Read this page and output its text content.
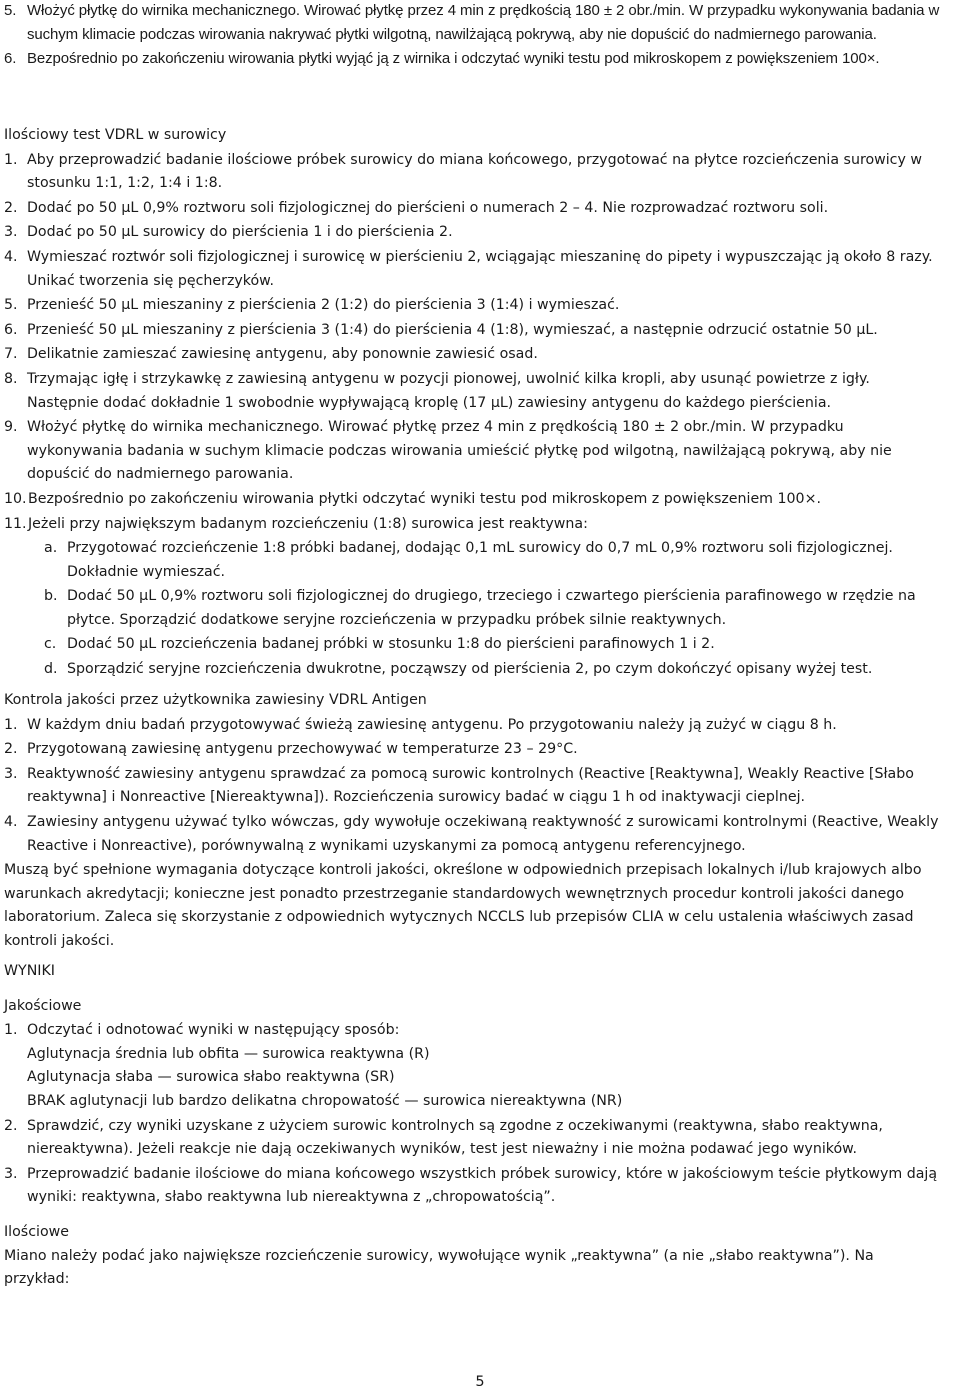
5. Włożyć płytkę do wirnika mechanicznego. Wirować płytkę przez 4 min z prędkością 180 ± 2 obr./min. W przypadku wykonywania badania w suchym klimacie podczas wirowania nakrywać płytki wilgotną, nawilżającą pokrywą, aby nie dopuścić do nadmiernego parowania.
6. Bezpośrednio po zakończeniu wirowania płytki wyjąć ją z wirnika i odczytać wyniki testu pod mikroskopem z powiększeniem 100×.
Ilościowy test VDRL w surowicy
1. Aby przeprowadzić badanie ilościowe próbek surowicy do miana końcowego, przygotować na płytce rozcieńczenia surowicy w stosunku 1:1, 1:2, 1:4 i 1:8.
2. Dodać po 50 µL 0,9% roztworu soli fizjologicznej do pierścieni o numerach 2 – 4. Nie rozprowadzać roztworu soli.
3. Dodać po 50 µL surowicy do pierścienia 1 i do pierścienia 2.
4. Wymieszać roztwór soli fizjologicznej i surowicę w pierścieniu 2, wciągając mieszaninę do pipety i wypuszczając ją około 8 razy. Unikać tworzenia się pęcherzyków.
5. Przenieść 50 µL mieszaniny z pierścienia 2 (1:2) do pierścienia 3 (1:4) i wymieszać.
6. Przenieść 50 µL mieszaniny z pierścienia 3 (1:4) do pierścienia 4 (1:8), wymieszać, a następnie odrzucić ostatnie 50 µL.
7. Delikatnie zamieszać zawiesinę antygenu, aby ponownie zawiesić osad.
8. Trzymając igłę i strzykawkę z zawiesiną antygenu w pozycji pionowej, uwolnić kilka kropli, aby usunąć powietrze z igły. Następnie dodać dokładnie 1 swobodnie wypływającą kroplę (17 µL) zawiesiny antygenu do każdego pierścienia.
9. Włożyć płytkę do wirnika mechanicznego. Wirować płytkę przez 4 min z prędkością 180 ± 2 obr./min. W przypadku wykonywania badania w suchym klimacie podczas wirowania umieścić płytkę pod wilgotną, nawilżającą pokrywą, aby nie dopuścić do nadmiernego parowania.
10. Bezpośrednio po zakończeniu wirowania płytki odczytać wyniki testu pod mikroskopem z powiększeniem 100×.
11. Jeżeli przy największym badanym rozcieńczeniu (1:8) surowica jest reaktywna:
a. Przygotować rozcieńczenie 1:8 próbki badanej, dodając 0,1 mL surowicy do 0,7 mL 0,9% roztworu soli fizjologicznej. Dokładnie wymieszać.
b. Dodać 50 µL 0,9% roztworu soli fizjologicznej do drugiego, trzeciego i czwartego pierścienia parafinowego w rzędzie na płytce. Sporządzić dodatkowe seryjne rozcieńczenia w przypadku próbek silnie reaktywnych.
c. Dodać 50 µL rozcieńczenia badanej próbki w stosunku 1:8 do pierścieni parafinowych 1 i 2.
d. Sporządzić seryjne rozcieńczenia dwukrotne, począwszy od pierścienia 2, po czym dokończyć opisany wyżej test.
Kontrola jakości przez użytkownika zawiesiny VDRL Antigen
1. W każdym dniu badań przygotowywać świeżą zawiesinę antygenu. Po przygotowaniu należy ją zużyć w ciągu 8 h.
2. Przygotowaną zawiesinę antygenu przechowywać w temperaturze 23 – 29°C.
3. Reaktywność zawiesiny antygenu sprawdzać za pomocą surowic kontrolnych (Reactive [Reaktywna], Weakly Reactive [Słabo reaktywna] i Nonreactive [Niereaktywna]). Rozcieńczenia surowicy badać w ciągu 1 h od inaktywacji cieplnej.
4. Zawiesiny antygenu używać tylko wówczas, gdy wywołuje oczekiwaną reaktywność z surowicami kontrolnymi (Reactive, Weakly Reactive i Nonreactive), porównywalną z wynikami uzyskanymi za pomocą antygenu referencyjnego.
Muszą być spełnione wymagania dotyczące kontroli jakości, określone w odpowiednich przepisach lokalnych i/lub krajowych albo warunkach akredytacji; konieczne jest ponadto przestrzeganie standardowych wewnętrznych procedur kontroli jakości danego laboratorium. Zaleca się skorzystanie z odpowiednich wytycznych NCCLS lub przepisów CLIA w celu ustalenia właściwych zasad kontroli jakości.
WYNIKI
Jakościowe
1. Odczytać i odnotować wyniki w następujący sposób:
Aglutynacja średnia lub obfita — surowica reaktywna (R)
Aglutynacja słaba — surowica słabo reaktywna (SR)
BRAK aglutynacji lub bardzo delikatna chropowatość — surowica niereaktywna (NR)
2. Sprawdzić, czy wyniki uzyskane z użyciem surowic kontrolnych są zgodne z oczekiwanymi (reaktywna, słabo reaktywna, niereaktywna). Jeżeli reakcje nie dają oczekiwanych wyników, test jest nieważny i nie można podawać jego wyników.
3. Przeprowadzić badanie ilościowe do miana końcowego wszystkich próbek surowicy, które w jakościowym teście płytkowym dają wyniki: reaktywna, słabo reaktywna lub niereaktywna z „chropowatością”.
Ilościowe
Miano należy podać jako największe rozcieńczenie surowicy, wywołujące wynik „reaktywna” (a nie „słabo reaktywna”). Na przykład:
5
